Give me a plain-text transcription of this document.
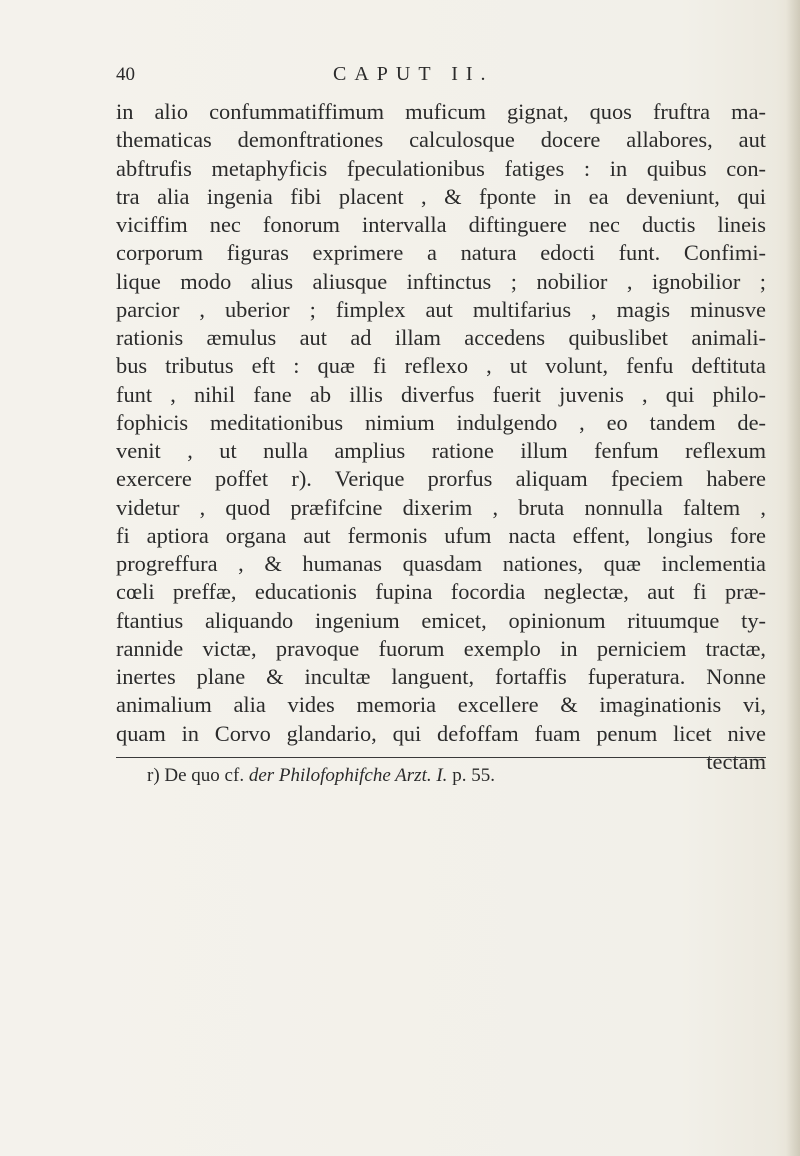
40	CAPUT II.
in alio confummatiffimum muficum gignat, quos fruftra ma-
thematicas demonftrationes calculosque docere allabores, aut
abftrufis metaphyficis fpeculationibus fatiges : in quibus con-
tra alia ingenia fibi placent , & fponte in ea deveniunt, qui
viciffim nec fonorum intervalla diftinguere nec ductis lineis
corporum figuras exprimere a natura edocti funt. Confimi-
lique modo alius aliusque inftinctus ; nobilior , ignobilior ;
parcior , uberior ; fimplex aut multifarius , magis minusve
rationis æmulus aut ad illam accedens quibuslibet animali-
bus tributus eft : quæ fi reflexo , ut volunt, fenfu deftituta
funt , nihil fane ab illis diverfus fuerit juvenis , qui philo-
fophicis meditationibus nimium indulgendo , eo tandem de-
venit , ut nulla amplius ratione illum fenfum reflexum
exercere poffet r). Verique prorfus aliquam fpeciem habere
videtur , quod præfifcine dixerim , bruta nonnulla faltem ,
fi aptiora organa aut fermonis ufum nacta effent, longius fore
progreffura , & humanas quasdam nationes, quæ inclementia
cœli preffæ, educationis fupina focordia neglectæ, aut fi præ-
ftantius aliquando ingenium emicet, opinionum rituumque ty-
rannide victæ, pravoque fuorum exemplo in perniciem tractæ,
inertes plane & incultæ languent, fortaffis fuperatura. Nonne
animalium alia vides memoria excellere & imaginationis vi,
quam in Corvo glandario, qui defoffam fuam penum licet nive
tectam
r) De quo cf. der Philofophifche Arzt. I. p. 55.
